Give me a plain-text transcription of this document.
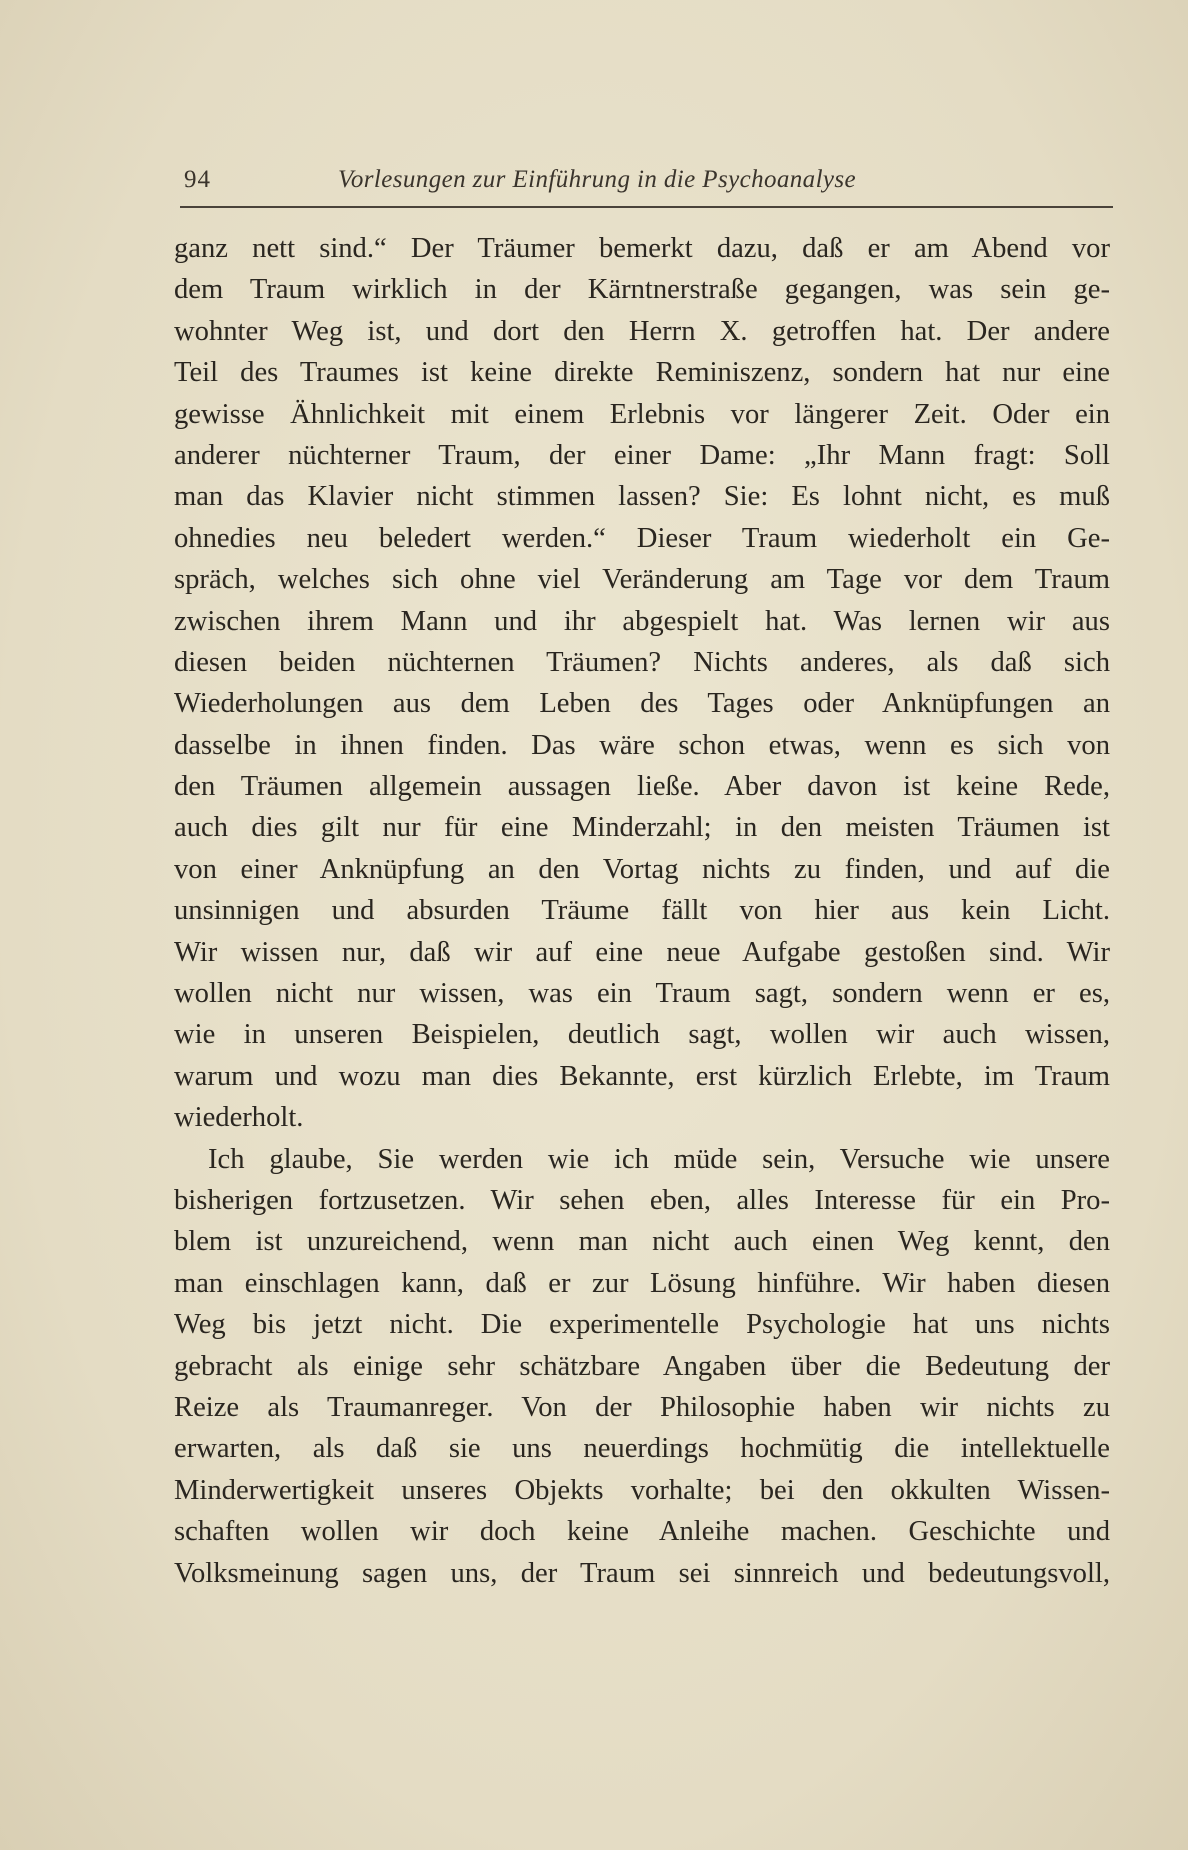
94	Vorlesungen zur Einführung in die Psychoanalyse
ganz nett sind.“ Der Träumer bemerkt dazu, daß er am Abend vor
dem Traum wirklich in der Kärntnerstraße gegangen, was sein ge-
wohnter Weg ist, und dort den Herrn X. getroffen hat. Der andere
Teil des Traumes ist keine direkte Reminiszenz, sondern hat nur eine
gewisse Ähnlichkeit mit einem Erlebnis vor längerer Zeit. Oder ein
anderer nüchterner Traum, der einer Dame: „Ihr Mann fragt: Soll
man das Klavier nicht stimmen lassen? Sie: Es lohnt nicht, es muß
ohnedies neu beledert werden.“ Dieser Traum wiederholt ein Ge-
spräch, welches sich ohne viel Veränderung am Tage vor dem Traum
zwischen ihrem Mann und ihr abgespielt hat. Was lernen wir aus
diesen beiden nüchternen Träumen? Nichts anderes, als daß sich
Wiederholungen aus dem Leben des Tages oder Anknüpfungen an
dasselbe in ihnen finden. Das wäre schon etwas, wenn es sich von
den Träumen allgemein aussagen ließe. Aber davon ist keine Rede,
auch dies gilt nur für eine Minderzahl; in den meisten Träumen ist
von einer Anknüpfung an den Vortag nichts zu finden, und auf die
unsinnigen und absurden Träume fällt von hier aus kein Licht.
Wir wissen nur, daß wir auf eine neue Aufgabe gestoßen sind. Wir
wollen nicht nur wissen, was ein Traum sagt, sondern wenn er es,
wie in unseren Beispielen, deutlich sagt, wollen wir auch wissen,
warum und wozu man dies Bekannte, erst kürzlich Erlebte, im Traum
wiederholt.
Ich glaube, Sie werden wie ich müde sein, Versuche wie unsere
bisherigen fortzusetzen. Wir sehen eben, alles Interesse für ein Pro-
blem ist unzureichend, wenn man nicht auch einen Weg kennt, den
man einschlagen kann, daß er zur Lösung hinführe. Wir haben diesen
Weg bis jetzt nicht. Die experimentelle Psychologie hat uns nichts
gebracht als einige sehr schätzbare Angaben über die Bedeutung der
Reize als Traumanreger. Von der Philosophie haben wir nichts zu
erwarten, als daß sie uns neuerdings hochmütig die intellektuelle
Minderwertigkeit unseres Objekts vorhalte; bei den okkulten Wissen-
schaften wollen wir doch keine Anleihe machen. Geschichte und
Volksmeinung sagen uns, der Traum sei sinnreich und bedeutungsvoll,
